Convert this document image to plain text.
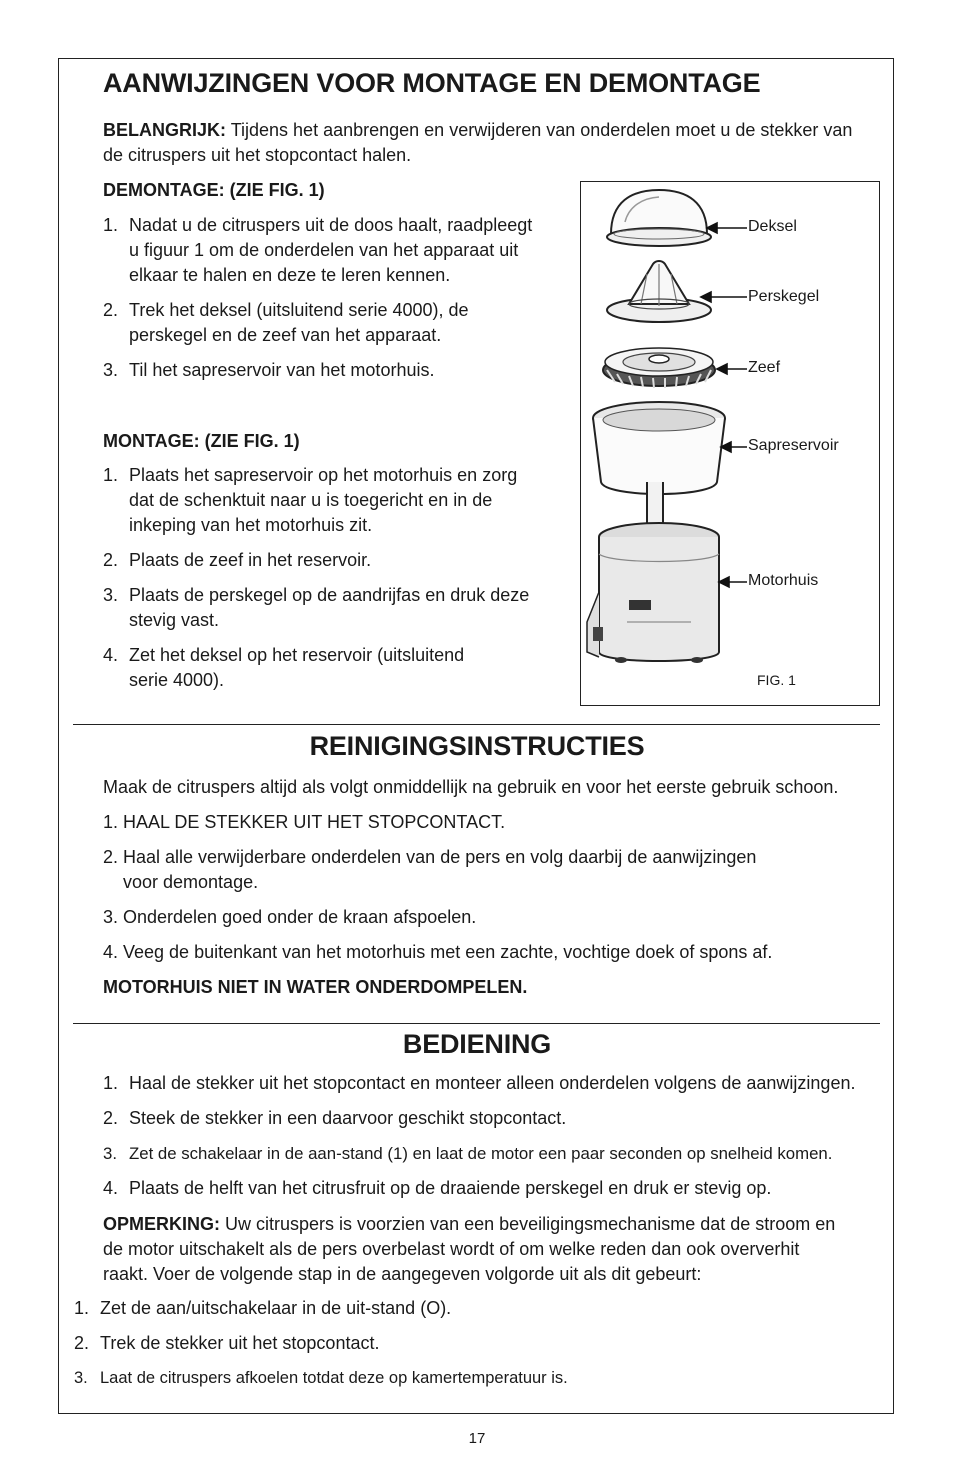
AANWIJZINGEN VOOR MONTAGE EN DEMONTAGE
BELANGRIJK: Tijdens het aanbrengen en verwijderen van onderdelen moet u de stekker van
de citruspers uit het stopcontact halen.
DEMONTAGE: (ZIE FIG. 1)
1. Nadat u de citruspers uit de doos haalt, raadpleegt
u figuur 1 om de onderdelen van het apparaat uit
elkaar te halen en deze te leren kennen.
2. Trek het deksel (uitsluitend serie 4000), de
perskegel en de zeef van het apparaat.
3. Til het sapreservoir van het motorhuis.
MONTAGE: (ZIE FIG. 1)
1. Plaats het sapreservoir op het motorhuis en zorg
dat de schenktuit naar u is toegericht en in de
inkeping van het motorhuis zit.
2. Plaats de zeef in het reservoir.
3. Plaats de perskegel op de aandrijfas en druk deze
stevig vast.
4. Zet het deksel op het reservoir (uitsluitend
serie 4000).
Deksel
Perskegel
Zeef
Sapreservoir
Motorhuis
FIG. 1
REINIGINGSINSTRUCTIES
Maak de citruspers altijd als volgt onmiddellijk na gebruik en voor het eerste gebruik schoon.
1. HAAL DE STEKKER UIT HET STOPCONTACT.
2. Haal alle verwijderbare onderdelen van de pers en volg daarbij de aanwijzingen
voor demontage.
3. Onderdelen goed onder de kraan afspoelen.
4. Veeg de buitenkant van het motorhuis met een zachte, vochtige doek of spons af.
MOTORHUIS NIET IN WATER ONDERDOMPELEN.
BEDIENING
1. Haal de stekker uit het stopcontact en monteer alleen onderdelen volgens de aanwijzingen.
2. Steek de stekker in een daarvoor geschikt stopcontact.
3. Zet de schakelaar in de aan-stand (1) en laat de motor een paar seconden op snelheid komen.
4. Plaats de helft van het citrusfruit op de draaiende perskegel en druk er stevig op.
OPMERKING: Uw citruspers is voorzien van een beveiligingsmechanisme dat de stroom en
de motor uitschakelt als de pers overbelast wordt of om welke reden dan ook oververhit
raakt. Voer de volgende stap in de aangegeven volgorde uit als dit gebeurt:
1. Zet de aan/uitschakelaar in de uit-stand (O).
2. Trek de stekker uit het stopcontact.
3. Laat de citruspers afkoelen totdat deze op kamertemperatuur is.
17
